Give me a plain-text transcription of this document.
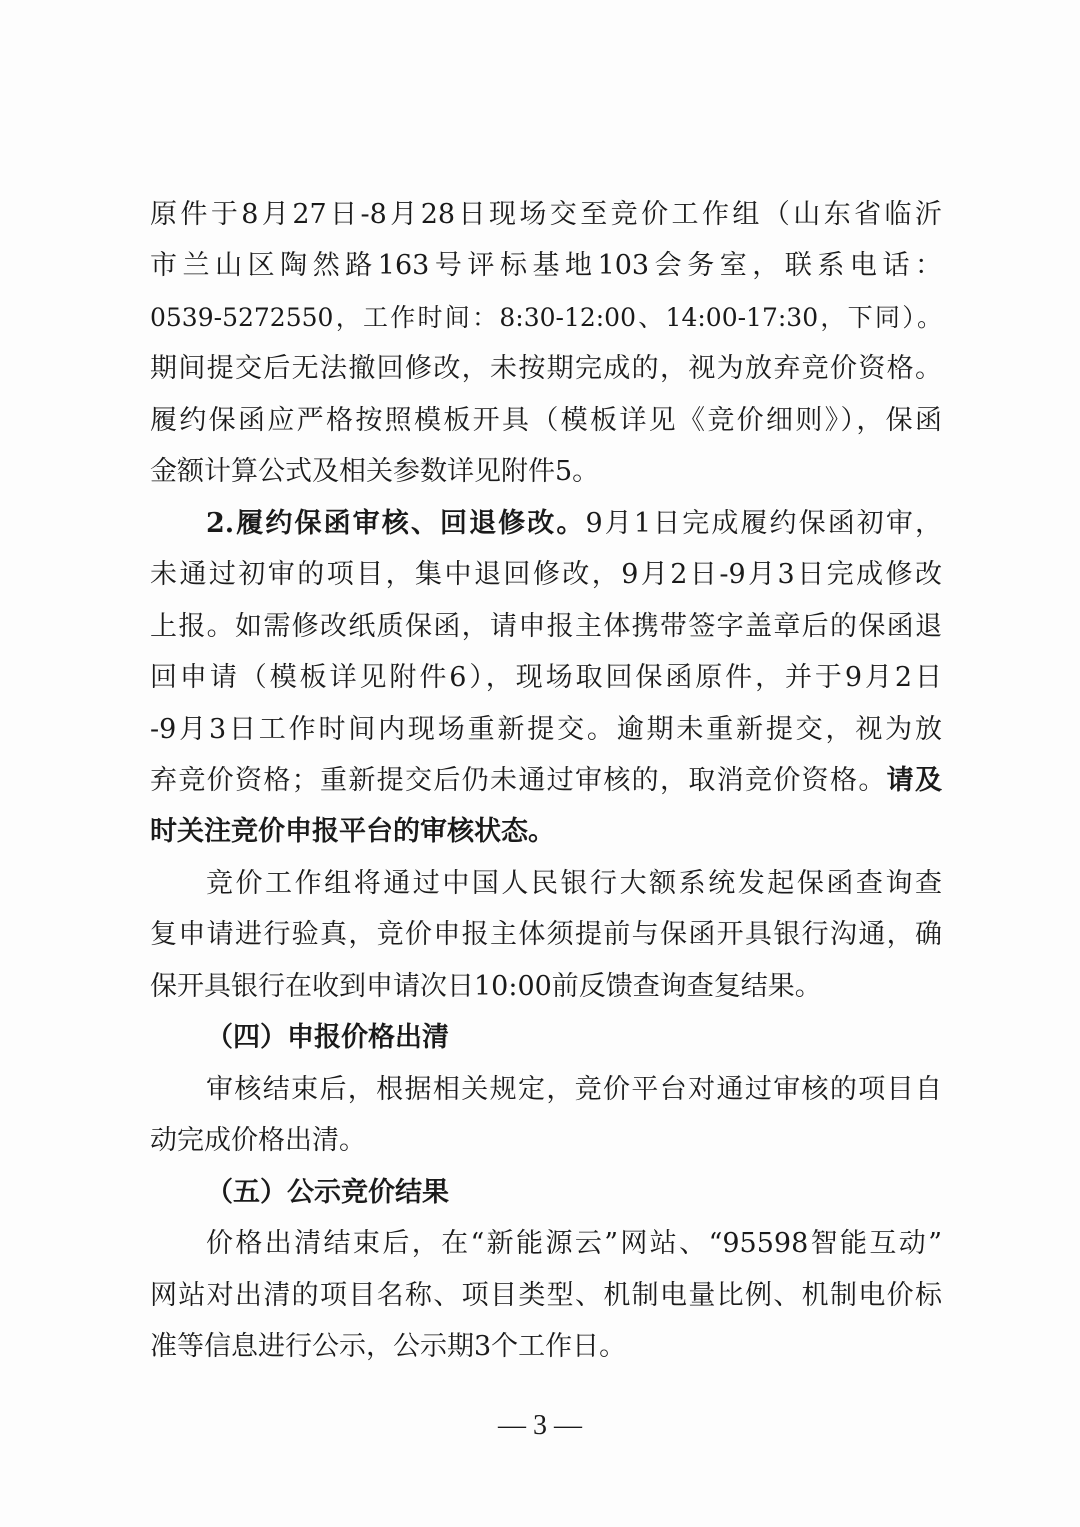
原件于8月27日-8月28日现场交至竞价工作组（山东省临沂
市兰山区陶然路163号评标基地103会务室，联系电话：
0539-5272550，工作时间：8:30-12:00、14:00-17:30，下同）。
期间提交后无法撤回修改，未按期完成的，视为放弃竞价资格。
履约保函应严格按照模板开具（模板详见《竞价细则》），保函
金额计算公式及相关参数详见附件5。
2.履约保函审核、回退修改。9月1日完成履约保函初审，
未通过初审的项目，集中退回修改，9月2日-9月3日完成修改
上报。如需修改纸质保函，请申报主体携带签字盖章后的保函退
回申请（模板详见附件6），现场取回保函原件，并于9月2日
-9月3日工作时间内现场重新提交。逾期未重新提交，视为放
弃竞价资格；重新提交后仍未通过审核的，取消竞价资格。请及
时关注竞价申报平台的审核状态。
竞价工作组将通过中国人民银行大额系统发起保函查询查
复申请进行验真，竞价申报主体须提前与保函开具银行沟通，确
保开具银行在收到申请次日10:00前反馈查询查复结果。
（四）申报价格出清
审核结束后，根据相关规定，竞价平台对通过审核的项目自
动完成价格出清。
（五）公示竞价结果
价格出清结束后，在“新能源云”网站、“95598智能互动”
网站对出清的项目名称、项目类型、机制电量比例、机制电价标
准等信息进行公示，公示期3个工作日。
— 3 —
